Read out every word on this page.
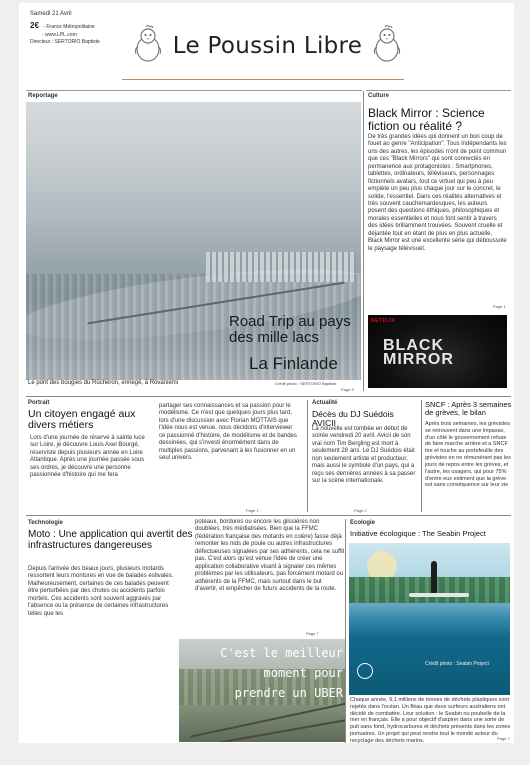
Samedi 21 Avril
2€ - France Métropolitaine
- www.LPL.com
Directeur : SERTORIO Baptiste	Le Poussin Libre
Reportage
Road Trip au pays des mille lacs
La Finlande
Le pont des bougies du Rücheron, ennegé, à Rovaniemi	Crédit photo : SERTORIO Baptiste
Page 3
Culture
Black Mirror : Science fiction ou réalité ?
De très grandes idées qui donnent un bon coup de fouet au genre "Anticipation". Tous indépendants les uns des autres, les épisodes n'ont de point commun que ces "Black Mirrors" qui sont connectés en permanence aux protagonistes : Smartphones, tablettes, ordinateurs, téléviseurs, personnages fictionnels avatars, tout ce virtuel qui peu à peu empiète un peu plus chaque jour sur le concret, le solide, l'essentiel. Dans ces réalités alternatives et très souvent cauchemardesques, les auteurs posent des questions éthiques, philosophiques et morales essentielles et nous font sentir à travers des idées brillamment trouvées. Souvent cruelle et déjantée tout en étant de plus en plus actuelle, Black Mirror est une excellente série qui déboussole le paysage télévisuel.
Page 1
NETFLIX
BLACK MIRROR
Portrait
Un citoyen engagé aux divers métiers
Lors d'une journée de réserve à sainte luce sur Loire, je découvre Louis Axel Bourgé, réserviste depuis plusieurs année en Loire Atlantique. Après une journée passée sous ses ordres, je découvre une personne passionnée d'histoire qui me fera
partager ses connaissances et sa passion pour le modélisme. Ce n'est que quelques jours plus tard, lors d'une discussion avec Florian MOTTAIS que l'idée nous est venue, nous décidons d'interviewer ce passionné d'histoire, de modélisme et de bandes dessinées, qui s'investi énormément dans de multiples passions, parvenant à les fusionner en un seul univers.
Page 1
Actualité
Décès du DJ Suédois AVICII
La nouvelle est tombée en début de soirée vendredi 20 avril. Avicii de son vrai nom Tim Bergling est mort à seulement 28 ans. Le DJ Suédois était non seulement artiste et producteur, mais aussi le symbole d'un pays, qui a reçu ses dernières années à sa passer sur la scène internationale.
Page 2
SNCF : Après 3 semaines de grèves, le bilan
Après trois semaines, les grévistes se retrouvent dans une impasse, d'un côté le gouvernement refuse de faire marche arrière et a SNCF tire et touche au portefeuille des grévistes en ne rémunérant pas les jours de repos entre les grèves, et l'autre, les usagers, qui pour 75% d'entre eux estiment que la grève est sans conséquence sur leur vie
Technologie
Moto : Une application qui avertit des infrastructures dangereuses
Depuis l'arrivée des beaux jours, plusieurs motards ressortent leurs montures en vue de balades estivales. Malheureusement, certaines de ces balades peuvent être perturbées par des chutes ou accidents parfois mortels. Ces accidents sont souvent aggravés par l'absence ou la présence de certaines infrastructures telles que les
poteaux, bordures ou encore les glissières non doublées, très médiatisées. Bien que la FFMC (fédération française des motards en colère) fasse déjà remonter les nids de poule ou autres infrastructures défectueuses signalées par ses adhérents, cela ne suffit pas. C'est alors qu'est venue l'idée de créer une application collaborative visant à signaler ces mêmes problèmes par les utilisateurs, pas forcément motard ou adhérents de la FFMC, mais surtout dans le but d'avertir, et empêcher de futurs accidents de la route.
Page 7
C'est le meilleur moment pour prendre un UBER
Ecologie
Initiative écologique : The Seabin Project
Crédit photo : Seabin Project
Chaque année, 9,1 millions de tonnes de déchets plastiques sont rejetés dans l'océan. Un fléau que deux surfeurs australiens ont décidé de combattre. Leur solution : le Seabin ou poubelle de la mer en français. Elle a pour objectif d'aspirer dans une sorte de puit sans fond, hydrocarbures et déchets présents dans les zones portuaires. Un projet qui peut rendre tout le monde acteur du recyclage des déchets marins.	Page 7
